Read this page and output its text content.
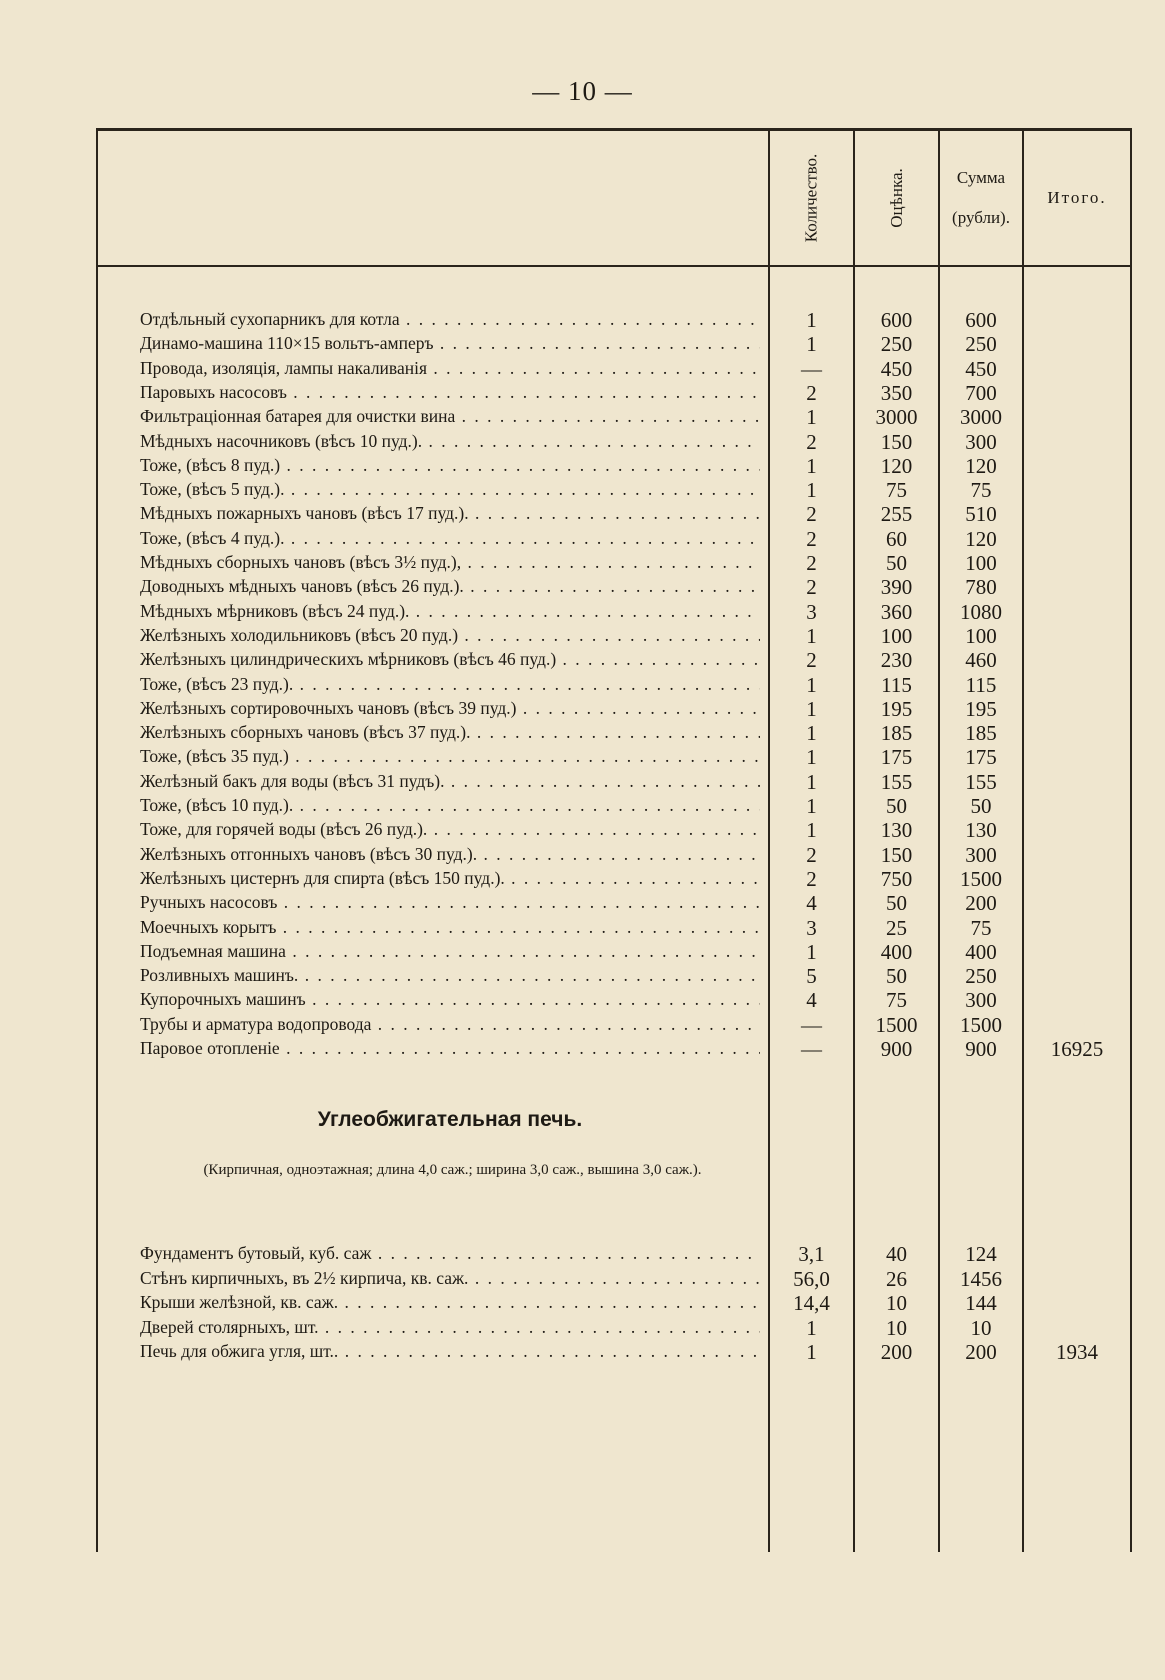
— 10 —
Количество.	Оцѣнка.	Сумма
(рубли).
Итого.
Отдѣльный сухопарникъ для котла . . .	1	600	600
Динамо-машина 110×15 вольтъ-амперъ . . .	1	250	250
Провода, изоляція, лампы накаливанія . . .	—	450	450
Паровыхъ насосовъ . . .	2	350	700
Фильтраціонная батарея для очистки вина . . .	1	3000	3000
Мѣдныхъ насочниковъ (вѣсъ 10 пуд.). . . .	2	150	300
Тоже, (вѣсъ 8 пуд.) . . .	1	120	120
Тоже, (вѣсъ 5 пуд.). . . .	1	75	75
Мѣдныхъ пожарныхъ чановъ (вѣсъ 17 пуд.). . . .	2	255	510
Тоже, (вѣсъ 4 пуд.). . . .	2	60	120
Мѣдныхъ сборныхъ чановъ (вѣсъ 3½ пуд.), . . .	2	50	100
Доводныхъ мѣдныхъ чановъ (вѣсъ 26 пуд.). . . .	2	390	780
Мѣдныхъ мѣрниковъ (вѣсъ 24 пуд.). . . .	3	360	1080
Желѣзныхъ холодильниковъ (вѣсъ 20 пуд.) . . .	1	100	100
Желѣзныхъ цилиндрическихъ мѣрниковъ (вѣсъ 46 пуд.) . . .	2	230	460
Тоже, (вѣсъ 23 пуд.). . . .	1	115	115
Желѣзныхъ сортировочныхъ чановъ (вѣсъ 39 пуд.) . . .	1	195	195
Желѣзныхъ сборныхъ чановъ (вѣсъ 37 пуд.). . . .	1	185	185
Тоже, (вѣсъ 35 пуд.) . . .	1	175	175
Желѣзный бакъ для воды (вѣсъ 31 пудъ). . . .	1	155	155
Тоже, (вѣсъ 10 пуд.). . . .	1	50	50
Тоже, для горячей воды (вѣсъ 26 пуд.). . . .	1	130	130
Желѣзныхъ отгонныхъ чановъ (вѣсъ 30 пуд.). . . .	2	150	300
Желѣзныхъ цистернъ для спирта (вѣсъ 150 пуд.). . . .	2	750	1500
Ручныхъ насосовъ . . .	4	50	200
Моечныхъ корытъ . . .	3	25	75
Подъемная машина . . .	1	400	400
Розливныхъ машинъ. . . .	5	50	250
Купорочныхъ машинъ . . .	4	75	300
Трубы и арматура водопровода . . .	—	1500	1500
Паровое отопленіе . . .	—	900	900	16925
Углеобжигательная печь.
(Кирпичная, одноэтажная; длина 4,0 саж.; ширина 3,0 саж., вышина 3,0 саж.).
Фундаментъ бутовый, куб. саж . . .	3,1	40	124
Стѣнъ кирпичныхъ, въ 2½ кирпича, кв. саж. . . .	56,0	26	1456
Крыши желѣзной, кв. саж. . . .	14,4	10	144
Дверей столярныхъ, шт. . . .	1	10	10
Печь для обжига угля, шт.. . . .	1	200	200	1934
